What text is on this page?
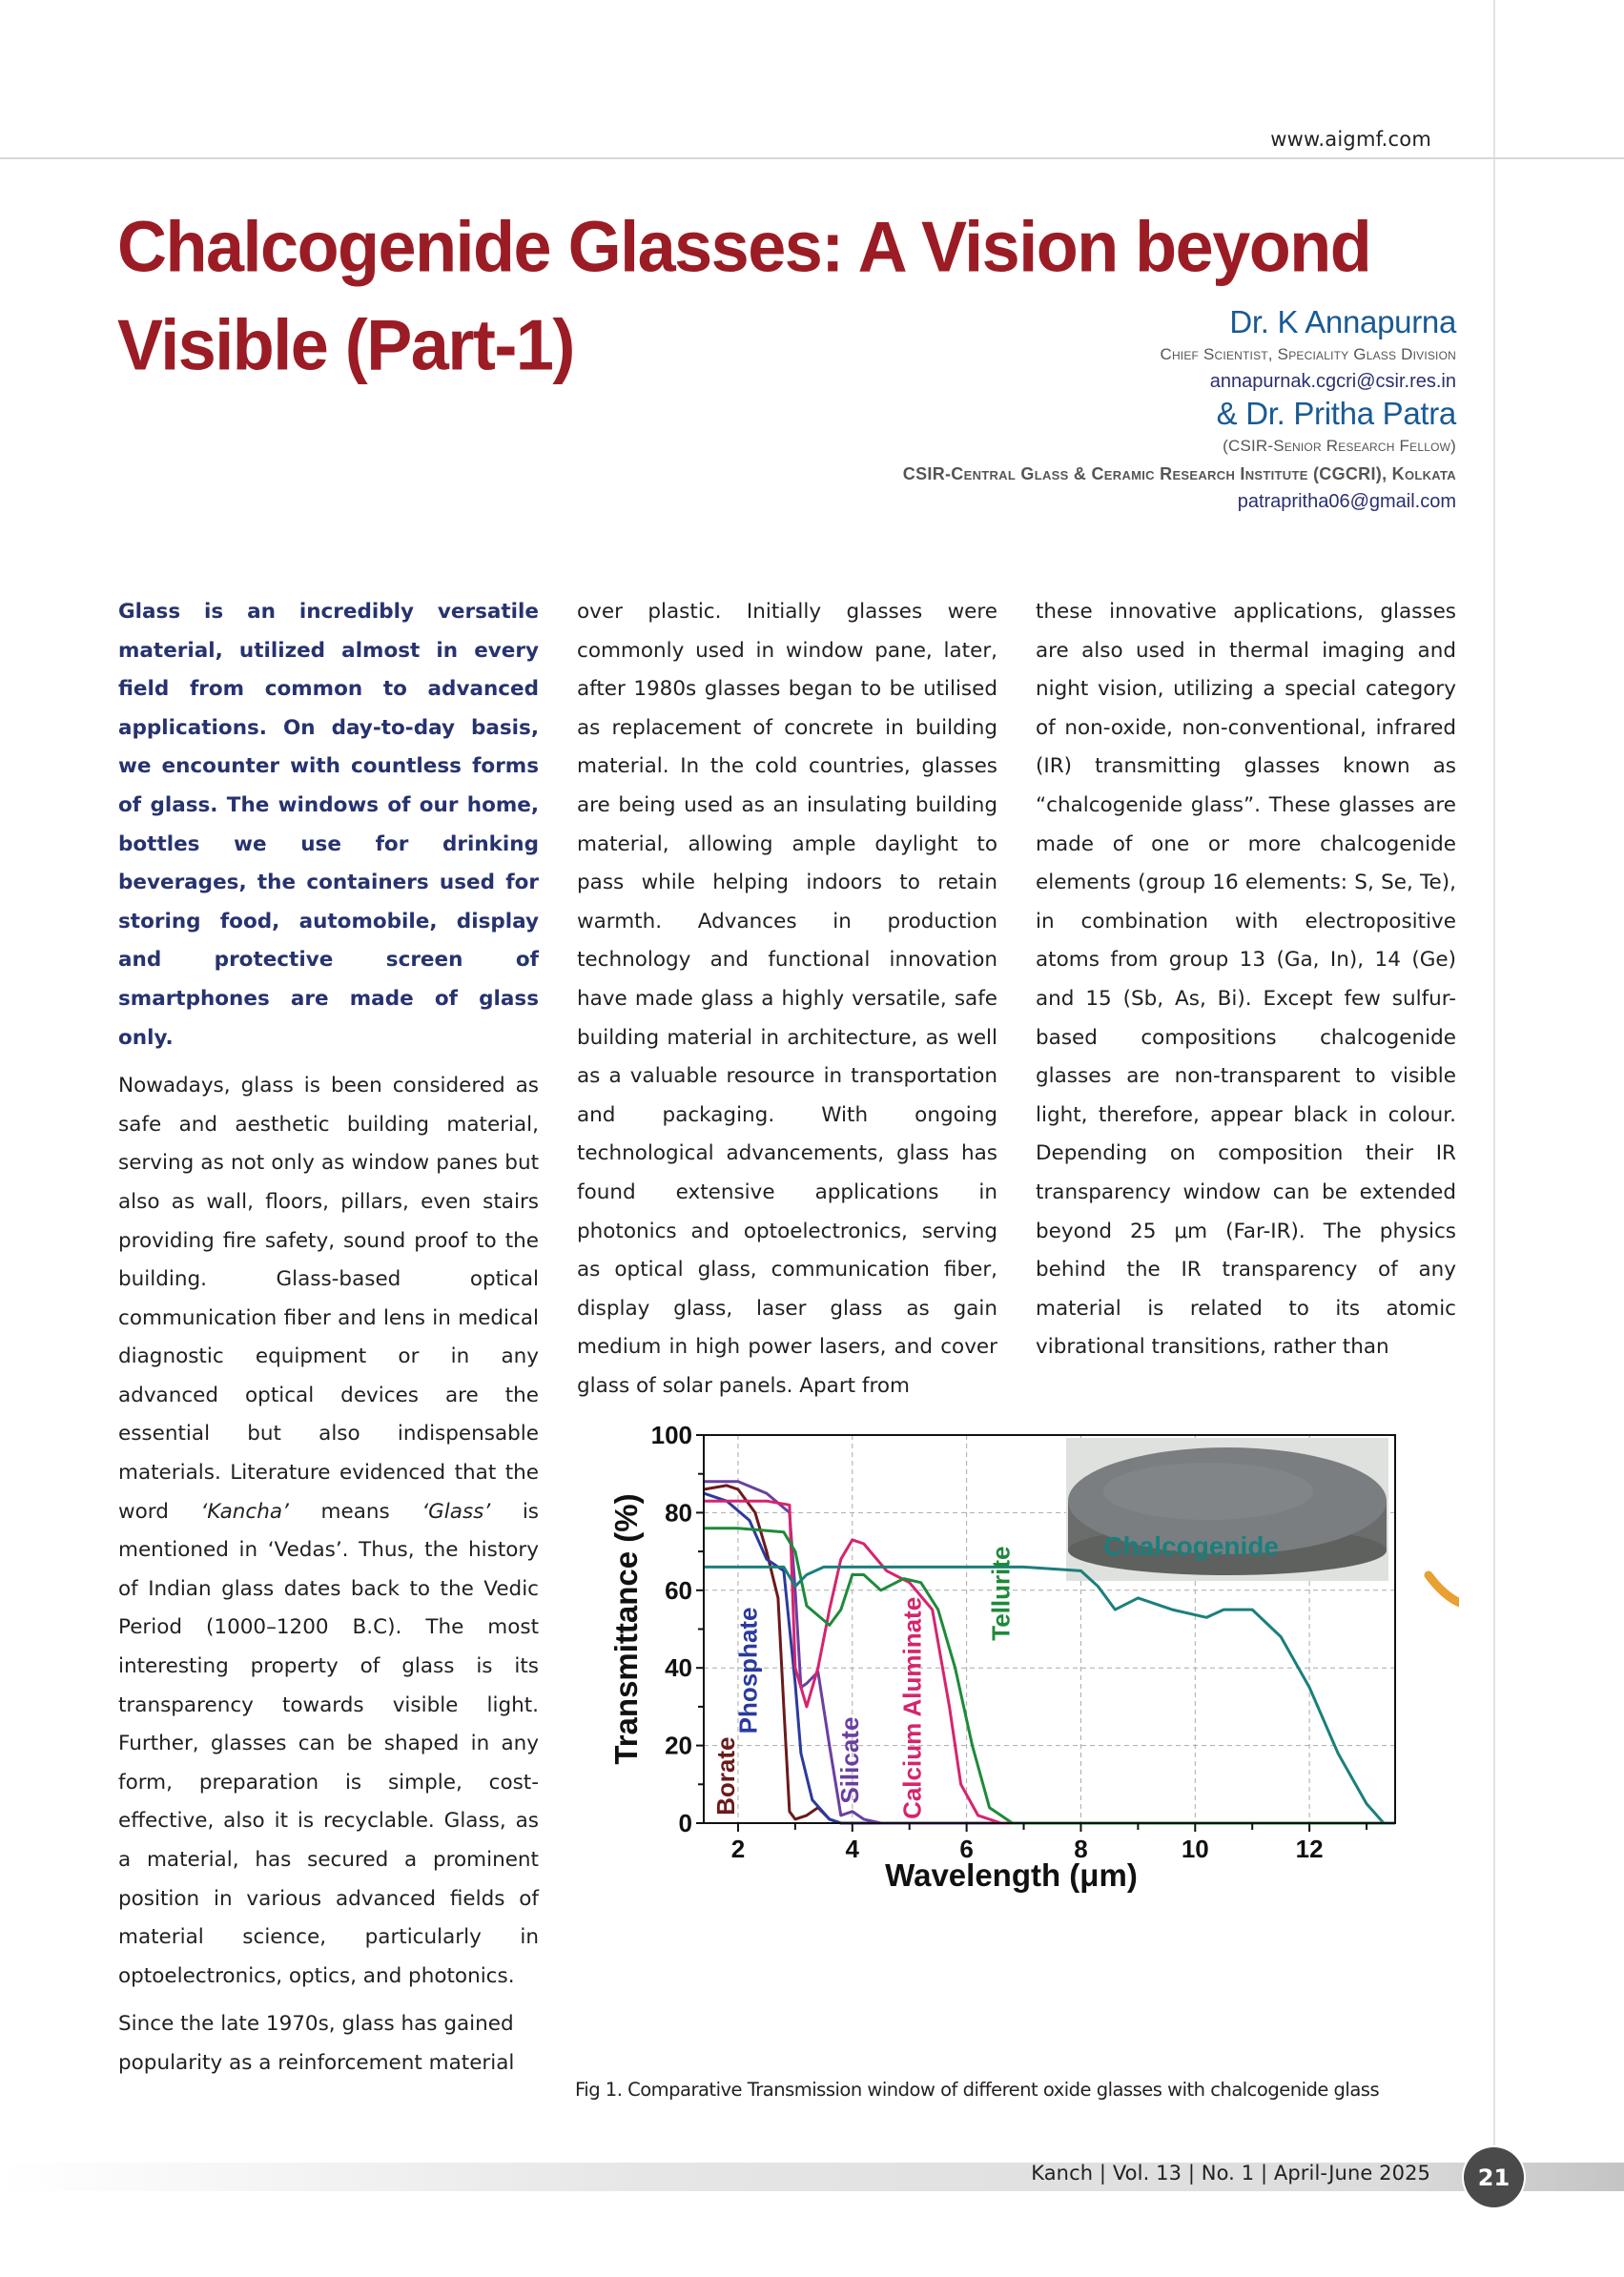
www.aigmf.com
Chalcogenide Glasses: A Vision beyond
Visible (Part-1)	Dr. K Annapurna
Chief Scientist, Speciality Glass Division
annapurnak.cgcri@csir.res.in
& Dr. Pritha Patra
(CSIR-Senior Research Fellow)
CSIR-Central Glass & Ceramic Research Institute (CGCRI), Kolkata
patrapritha06@gmail.com

Glass is an incredibly versatile material, utilized almost in every field from common to advanced applications. On day-to-day basis, we encounter with countless forms of glass. The windows of our home, bottles we use for drinking beverages, the containers used for storing food, automobile, display and protective screen of smartphones are made of glass only.

Nowadays, glass is been considered as safe and aesthetic building material, serving as not only as window panes but also as wall, floors, pillars, even stairs providing fire safety, sound proof to the building. Glass-based optical communication fiber and lens in medical diagnostic equipment or in any advanced optical devices are the essential but also indispensable materials. Literature evidenced that the word ‘Kancha’ means ‘Glass’ is mentioned in ‘Vedas’. Thus, the history of Indian glass dates back to the Vedic Period (1000–1200 B.C). The most interesting property of glass is its transparency towards visible light. Further, glasses can be shaped in any form, preparation is simple, cost-effective, also it is recyclable. Glass, as a material, has secured a prominent position in various advanced fields of material science, particularly in optoelectronics, optics, and photonics.

Since the late 1970s, glass has gained popularity as a reinforcement material

over plastic. Initially glasses were commonly used in window pane, later, after 1980s glasses began to be utilised as replacement of concrete in building material. In the cold countries, glasses are being used as an insulating building material, allowing ample daylight to pass while helping indoors to retain warmth. Advances in production technology and functional innovation have made glass a highly versatile, safe building material in architecture, as well as a valuable resource in transportation and packaging. With ongoing technological advancements, glass has found extensive applications in photonics and optoelectronics, serving as optical glass, communication fiber, display glass, laser glass as gain medium in high power lasers, and cover glass of solar panels. Apart from

these innovative applications, glasses are also used in thermal imaging and night vision, utilizing a special category of non-oxide, non-conventional, infrared (IR) transmitting glasses known as “chalcogenide glass”. These glasses are made of one or more chalcogenide elements (group 16 elements: S, Se, Te), in combination with electropositive atoms from group 13 (Ga, In), 14 (Ge) and 15 (Sb, As, Bi). Except few sulfur-based compositions chalcogenide glasses are non-transparent to visible light, therefore, appear black in colour. Depending on composition their IR transparency window can be extended beyond 25 μm (Far-IR). The physics behind the IR transparency of any material is related to its atomic vibrational transitions, rather than

0
20
40
60
80
100
2	4	6	8	10	12
Wavelength (μm)
Transmittance (%)
Borate
Phosphate
Silicate Calcium Aluminate
Tellurite	Chalcogenide
Fig 1. Comparative Transmission window of different oxide glasses with chalcogenide glass
Kanch | Vol. 13 | No. 1 | April-June 2025	21
